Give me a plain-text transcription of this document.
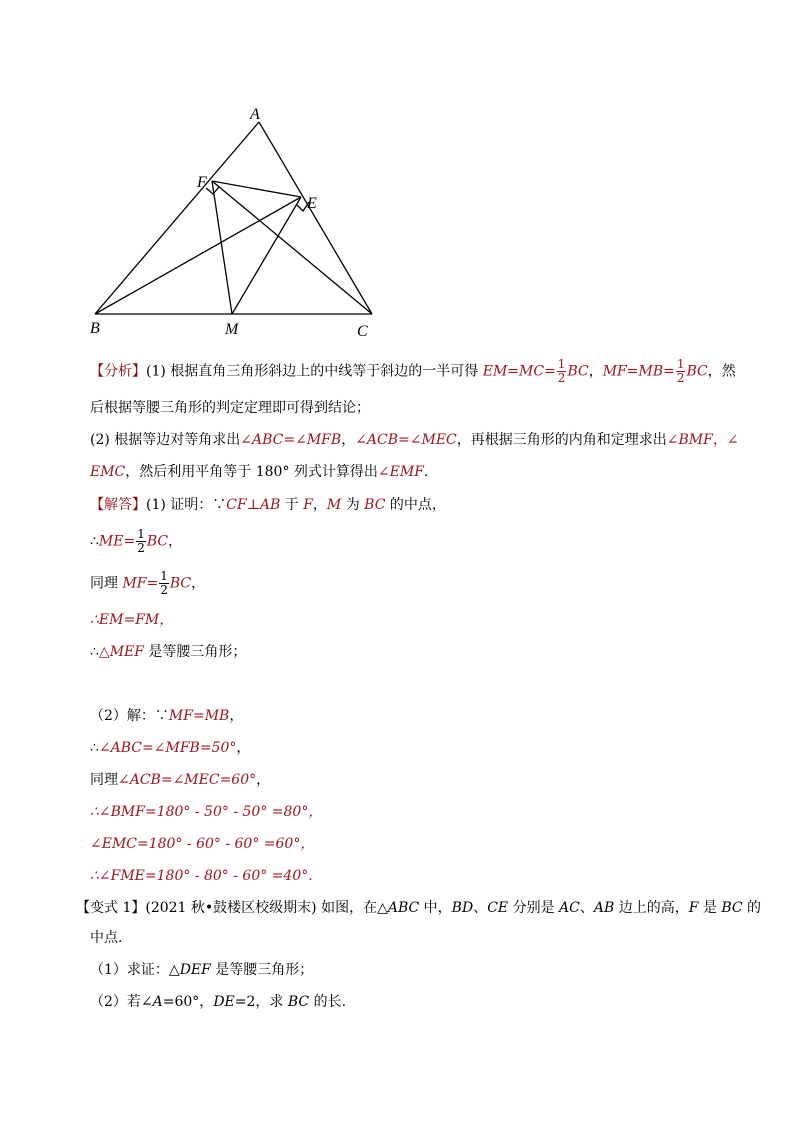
A
F
E
B	M	C
【分析】(1) 根据直角三角形斜边上的中线等于斜边的一半可得 $EM=MC= \frac{1}{2}$ BC，$MF=MB= \frac{1}{2}$ BC，然
后根据等腰三角形的判定定理即可得到结论；
(2) 根据等边对等角求出∠ABC=∠MFB，∠ACB=∠MEC，再根据三角形的内角和定理求出∠BMF，∠
EMC，然后利用平角等于 180° 列式计算得出∠EMF.
【解答】(1) 证明：∵CF⊥AB 于 F，M 为 BC 的中点，
∴ME= $\frac{1}{2}$ BC，
同理 $MF= \frac{1}{2}$ BC，
∴EM=FM，
∴△MEF 是等腰三角形；
（2）解：∵MF=MB，
∴∠ABC=∠MFB=50°，
同理∠ACB=∠MEC=60°，
∴∠BMF=180° - 50° - 50° =80°，
∠EMC=180° - 60° - 60° =60°，
∴∠FME=180° - 80° - 60° =40°.
【变式 1】(2021 秋•鼓楼区校级期末) 如图，在△ABC 中，BD、CE 分别是 AC、AB 边上的高，F 是 BC 的
中点.
（1）求证：△DEF 是等腰三角形；
（2）若∠A=60°，DE=2，求 BC 的长.
